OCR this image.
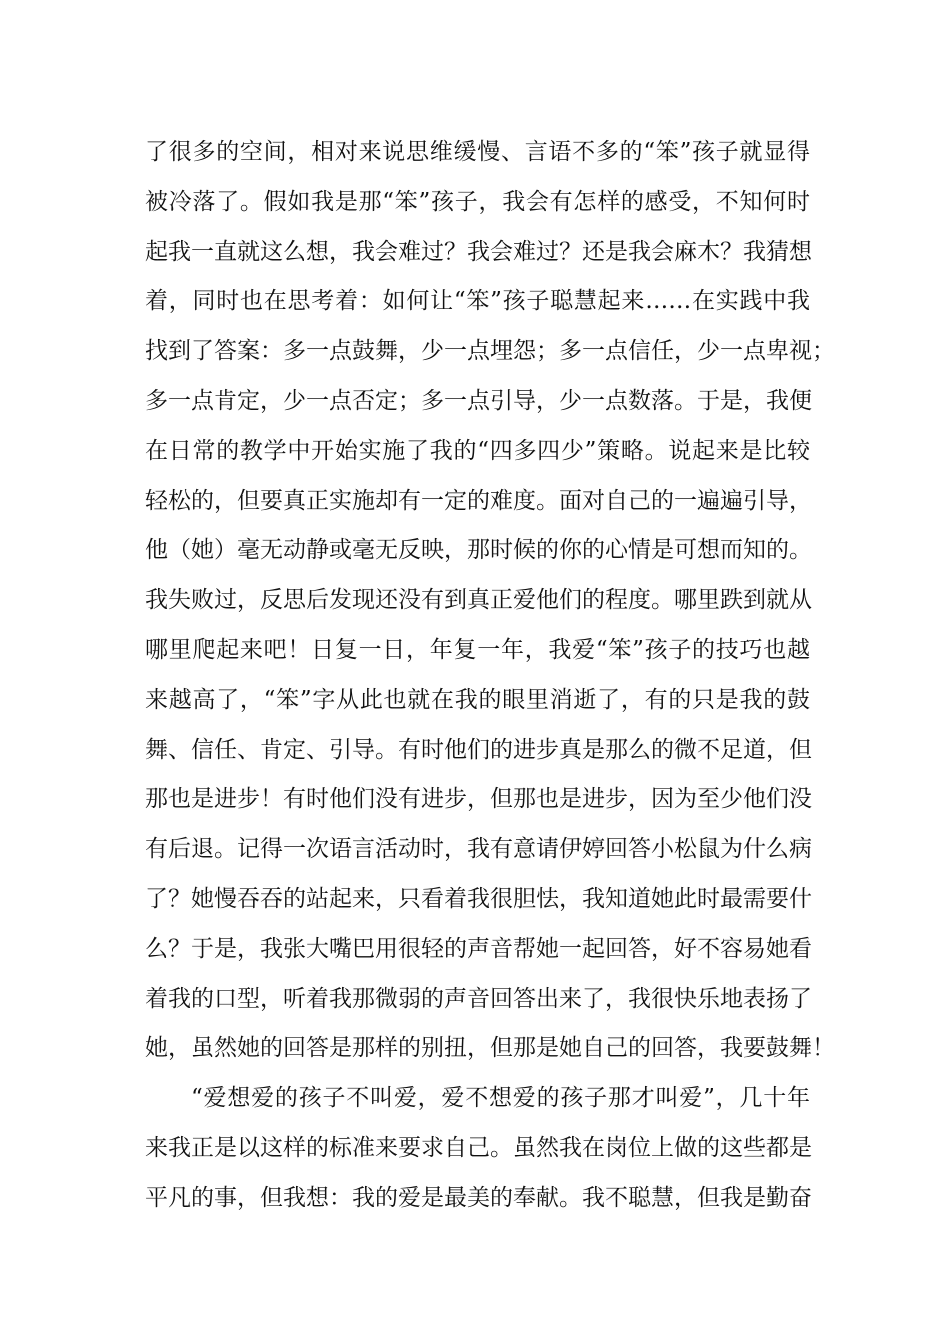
了很多的空间，相对来说思维缓慢、言语不多的“笨”孩子就显得
被冷落了。假如我是那“笨”孩子，我会有怎样的感受，不知何时
起我一直就这么想，我会难过？我会难过？还是我会麻木？我猜想
着，同时也在思考着：如何让“笨”孩子聪慧起来……在实践中我
找到了答案：多一点鼓舞，少一点埋怨；多一点信任，少一点卑视；
多一点肯定，少一点否定；多一点引导，少一点数落。于是，我便
在日常的教学中开始实施了我的“四多四少”策略。说起来是比较
轻松的，但要真正实施却有一定的难度。面对自己的一遍遍引导，
他（她）毫无动静或毫无反映，那时候的你的心情是可想而知的。
我失败过，反思后发现还没有到真正爱他们的程度。哪里跌到就从
哪里爬起来吧！日复一日，年复一年，我爱“笨”孩子的技巧也越
来越高了，“笨”字从此也就在我的眼里消逝了，有的只是我的鼓
舞、信任、肯定、引导。有时他们的进步真是那么的微不足道，但
那也是进步！有时他们没有进步，但那也是进步，因为至少他们没
有后退。记得一次语言活动时，我有意请伊婷回答小松鼠为什么病
了？她慢吞吞的站起来，只看着我很胆怯，我知道她此时最需要什
么？于是，我张大嘴巴用很轻的声音帮她一起回答，好不容易她看
着我的口型，听着我那微弱的声音回答出来了，我很快乐地表扬了
她，虽然她的回答是那样的别扭，但那是她自己的回答，我要鼓舞！
“爱想爱的孩子不叫爱，爱不想爱的孩子那才叫爱”，几十年
来我正是以这样的标准来要求自己。虽然我在岗位上做的这些都是
平凡的事，但我想：我的爱是最美的奉献。我不聪慧，但我是勤奋
